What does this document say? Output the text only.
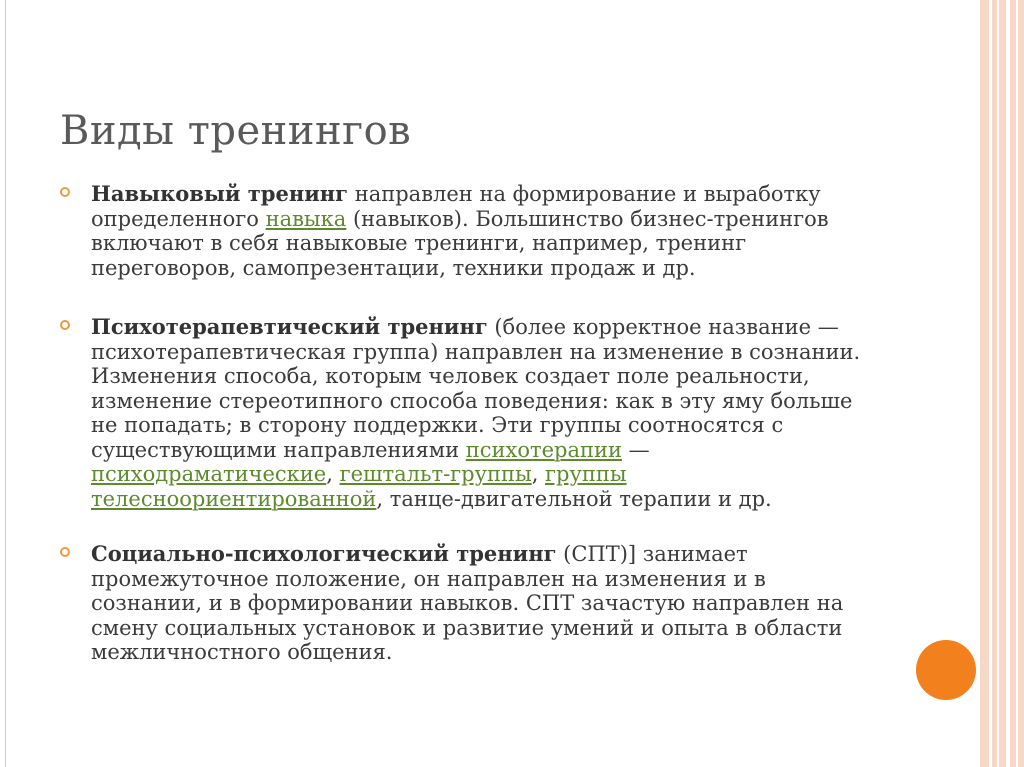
Виды тренингов
Навыковый тренинг направлен на формирование и выработку определенного навыка (навыков). Большинство бизнес-тренингов включают в себя навыковые тренинги, например, тренинг переговоров, самопрезентации, техники продаж и др.
Психотерапевтический тренинг (более корректное название — психотерапевтическая группа) направлен на изменение в сознании. Изменения способа, которым человек создает поле реальности, изменение стереотипного способа поведения: как в эту яму больше не попадать; в сторону поддержки. Эти группы соотносятся с существующими направлениями психотерапии — психодраматические, гештальт-группы, группы телесноориентированной, танце-двигательной терапии и др.
Социально-психологический тренинг (СПТ)] занимает промежуточное положение, он направлен на изменения и в сознании, и в формировании навыков. СПТ зачастую направлен на смену социальных установок и развитие умений и опыта в области межличностного общения.
